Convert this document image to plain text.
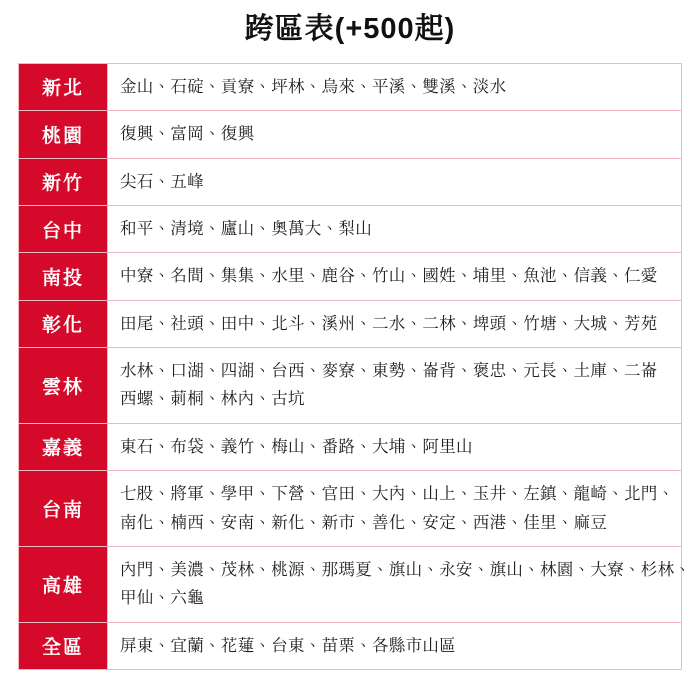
跨區表(+500起)
新北	金山、石碇、貢寮、坪林、烏來、平溪、雙溪、淡水

桃園	復興、富岡、復興

新竹	尖石、五峰

台中	和平、清境、廬山、奧萬大、梨山

南投	中寮、名間、集集、水里、鹿谷、竹山、國姓、埔里、魚池、信義、仁愛

彰化	田尾、社頭、田中、北斗、溪州、二水、二林、埤頭、竹塘、大城、芳苑

雲林	水林、口湖、四湖、台西、麥寮、東勢、崙背、褒忠、元長、土庫、二崙
西螺、莿桐、林內、古坑

嘉義	東石、布袋、義竹、梅山、番路、大埔、阿里山

台南	七股、將軍、學甲、下營、官田、大內、山上、玉井、左鎮、龍崎、北門、
南化、楠西、安南、新化、新市、善化、安定、西港、佳里、麻豆

高雄	內門、美濃、茂林、桃源、那瑪夏、旗山、永安、旗山、林園、大寮、杉林、
甲仙、六龜

全區	屏東、宜蘭、花蓮、台東、苗栗、各縣市山區
